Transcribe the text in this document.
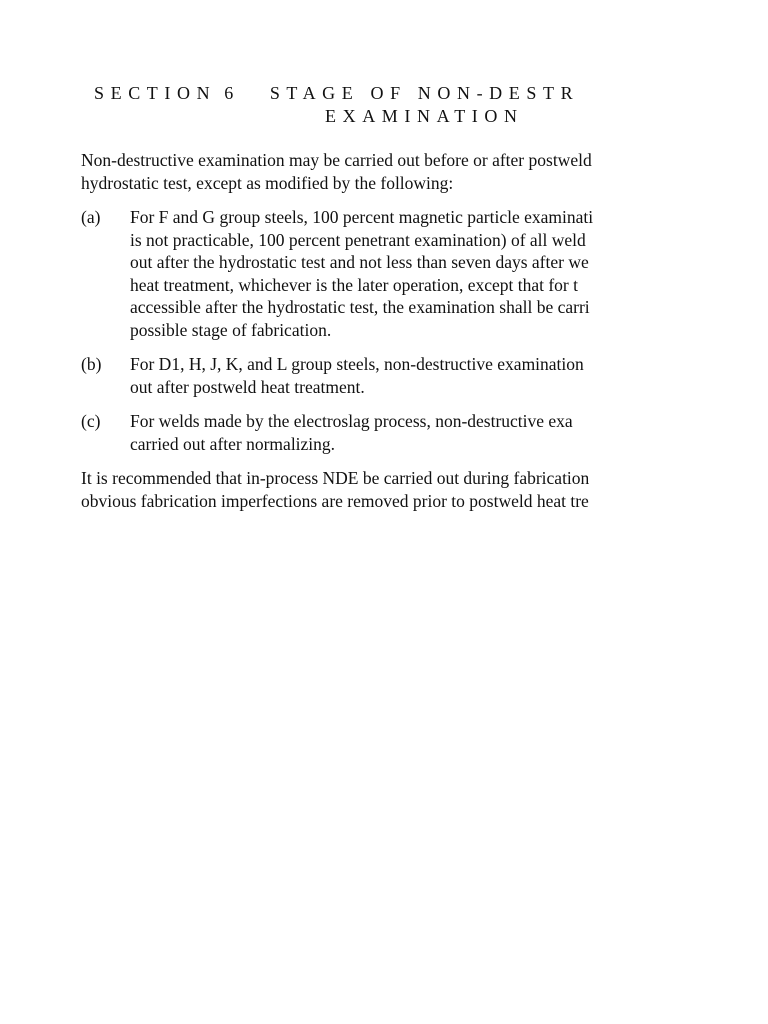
SECTION 6 STAGE OF NON-DESTR
EXAMINATION

Non-destructive examination may be carried out before or after postweld
hydrostatic test, except as modified by the following:

(a) For F and G group steels, 100 percent magnetic particle examinati
is not practicable, 100 percent penetrant examination) of all weld
out after the hydrostatic test and not less than seven days after we
heat treatment, whichever is the later operation, except that for t
accessible after the hydrostatic test, the examination shall be carri
possible stage of fabrication.
(b) For D1, H, J, K, and L group steels, non-destructive examination
out after postweld heat treatment.
(c) For welds made by the electroslag process, non-destructive exa
carried out after normalizing.

It is recommended that in-process NDE be carried out during fabrication
obvious fabrication imperfections are removed prior to postweld heat tre
